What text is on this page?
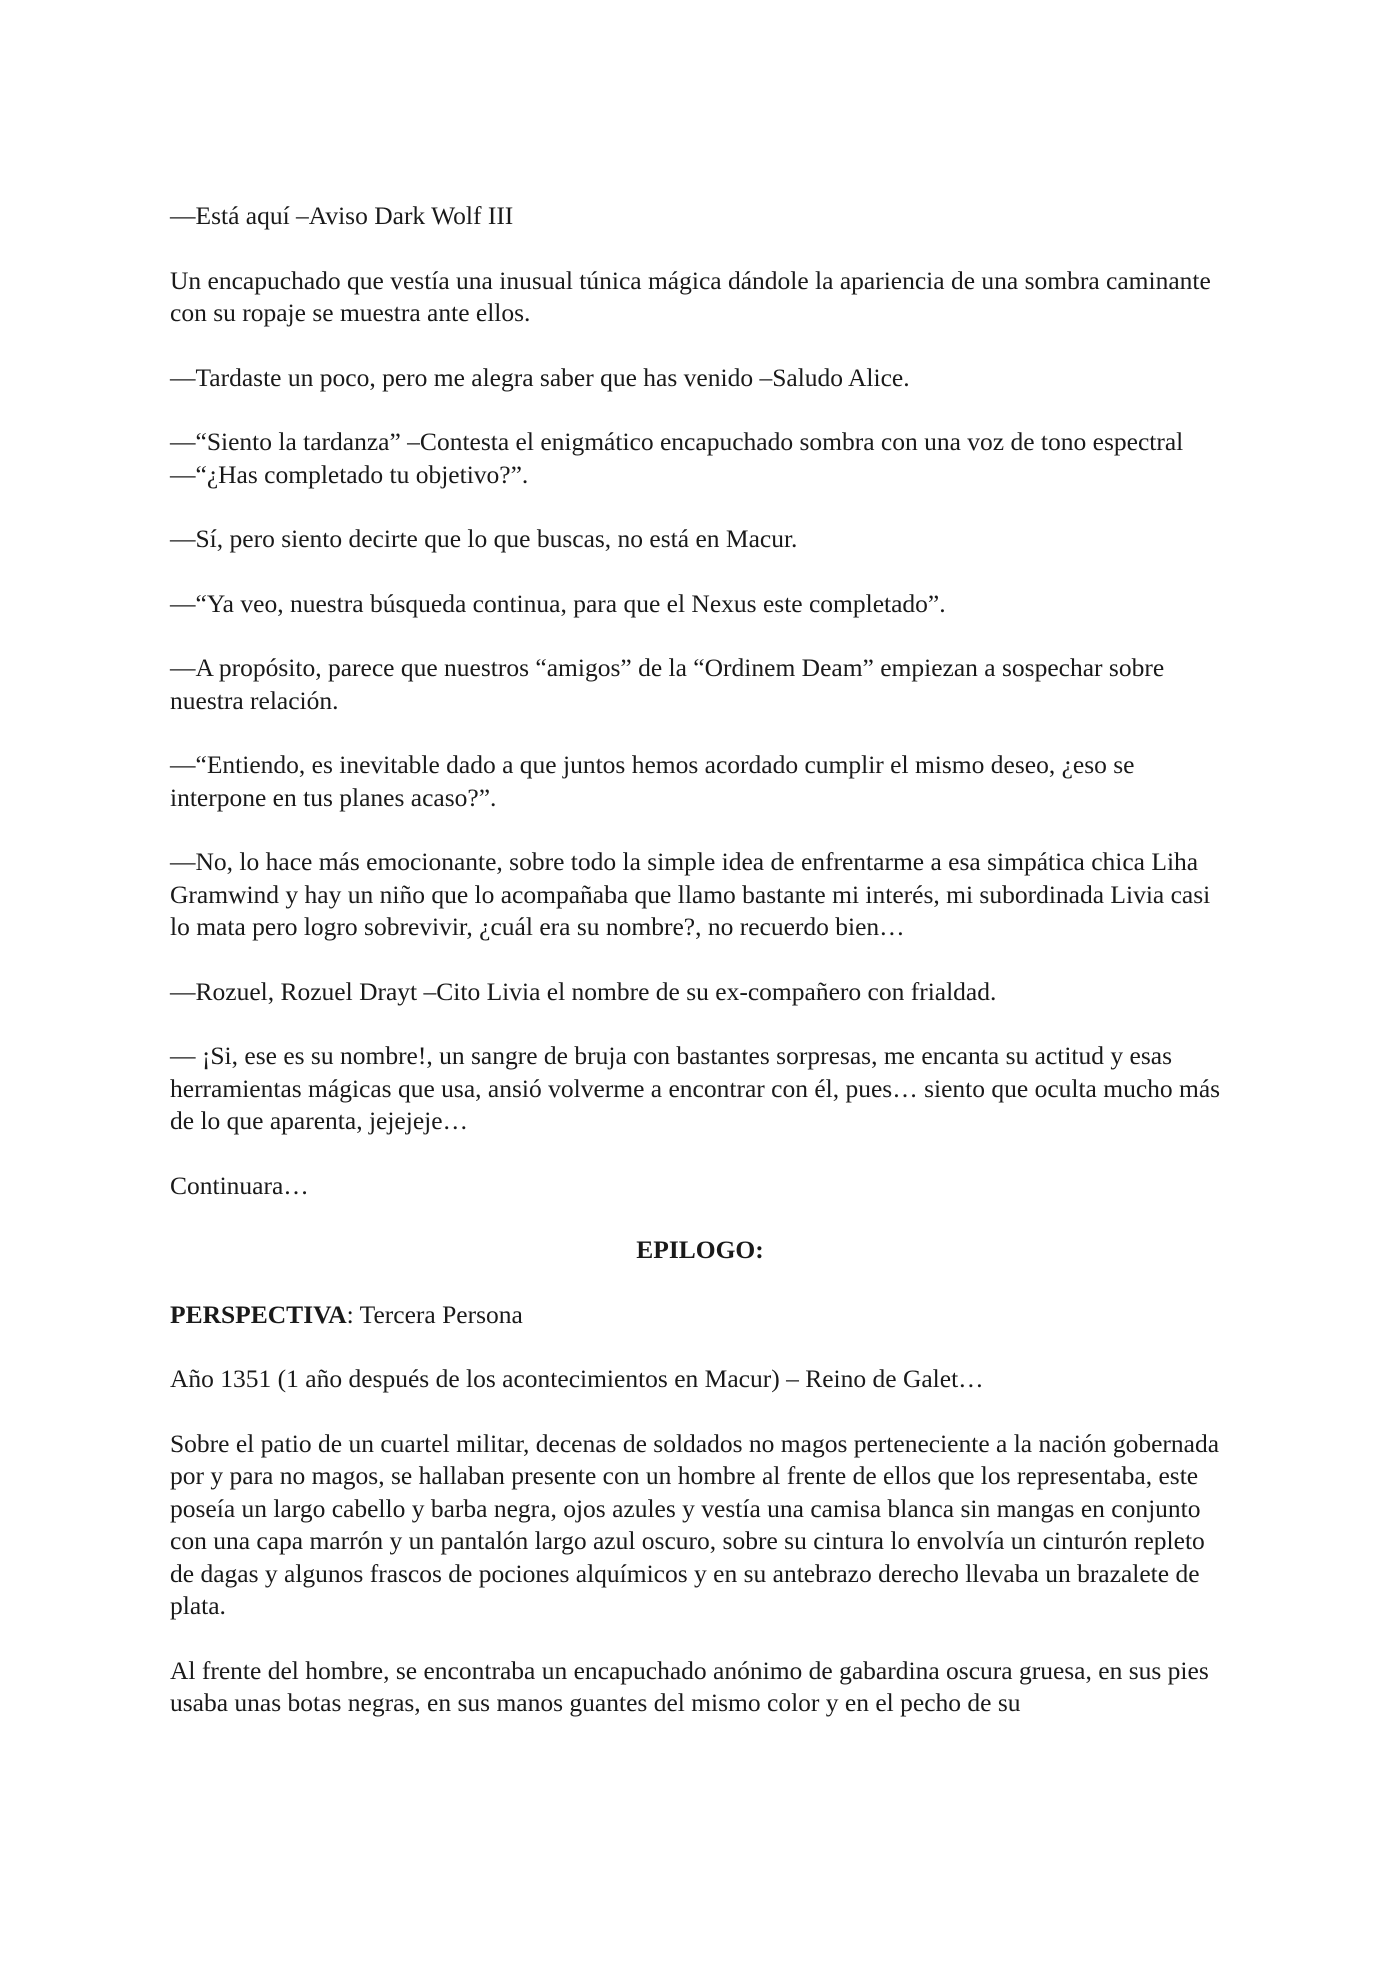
—Está aquí –Aviso Dark Wolf III

Un encapuchado que vestía una inusual túnica mágica dándole la apariencia de una sombra caminante con su ropaje se muestra ante ellos.

—Tardaste un poco, pero me alegra saber que has venido –Saludo Alice.

—“Siento la tardanza” –Contesta el enigmático encapuchado sombra con una voz de tono espectral —“¿Has completado tu objetivo?”.

—Sí, pero siento decirte que lo que buscas, no está en Macur.

—“Ya veo, nuestra búsqueda continua, para que el Nexus este completado”.

—A propósito, parece que nuestros “amigos” de la “Ordinem Deam” empiezan a sospechar sobre nuestra relación.

—“Entiendo, es inevitable dado a que juntos hemos acordado cumplir el mismo deseo, ¿eso se interpone en tus planes acaso?”.

—No, lo hace más emocionante, sobre todo la simple idea de enfrentarme a esa simpática chica Liha Gramwind y hay un niño que lo acompañaba que llamo bastante mi interés, mi subordinada Livia casi lo mata pero logro sobrevivir, ¿cuál era su nombre?, no recuerdo bien…

—Rozuel, Rozuel Drayt –Cito Livia el nombre de su ex-compañero con frialdad.

— ¡Si, ese es su nombre!, un sangre de bruja con bastantes sorpresas, me encanta su actitud y esas herramientas mágicas que usa, ansió volverme a encontrar con él, pues… siento que oculta mucho más de lo que aparenta, jejejeje…

Continuara…

EPILOGO:

PERSPECTIVA: Tercera Persona

Año 1351 (1 año después de los acontecimientos en Macur) – Reino de Galet…

Sobre el patio de un cuartel militar, decenas de soldados no magos perteneciente a la nación gobernada por y para no magos, se hallaban presente con un hombre al frente de ellos que los representaba, este poseía un largo cabello y barba negra, ojos azules y vestía una camisa blanca sin mangas en conjunto con una capa marrón y un pantalón largo azul oscuro, sobre su cintura lo envolvía un cinturón repleto de dagas y algunos frascos de pociones alquímicos y en su antebrazo derecho llevaba un brazalete de plata.

Al frente del hombre, se encontraba un encapuchado anónimo de gabardina oscura gruesa, en sus pies usaba unas botas negras, en sus manos guantes del mismo color y en el pecho de su
